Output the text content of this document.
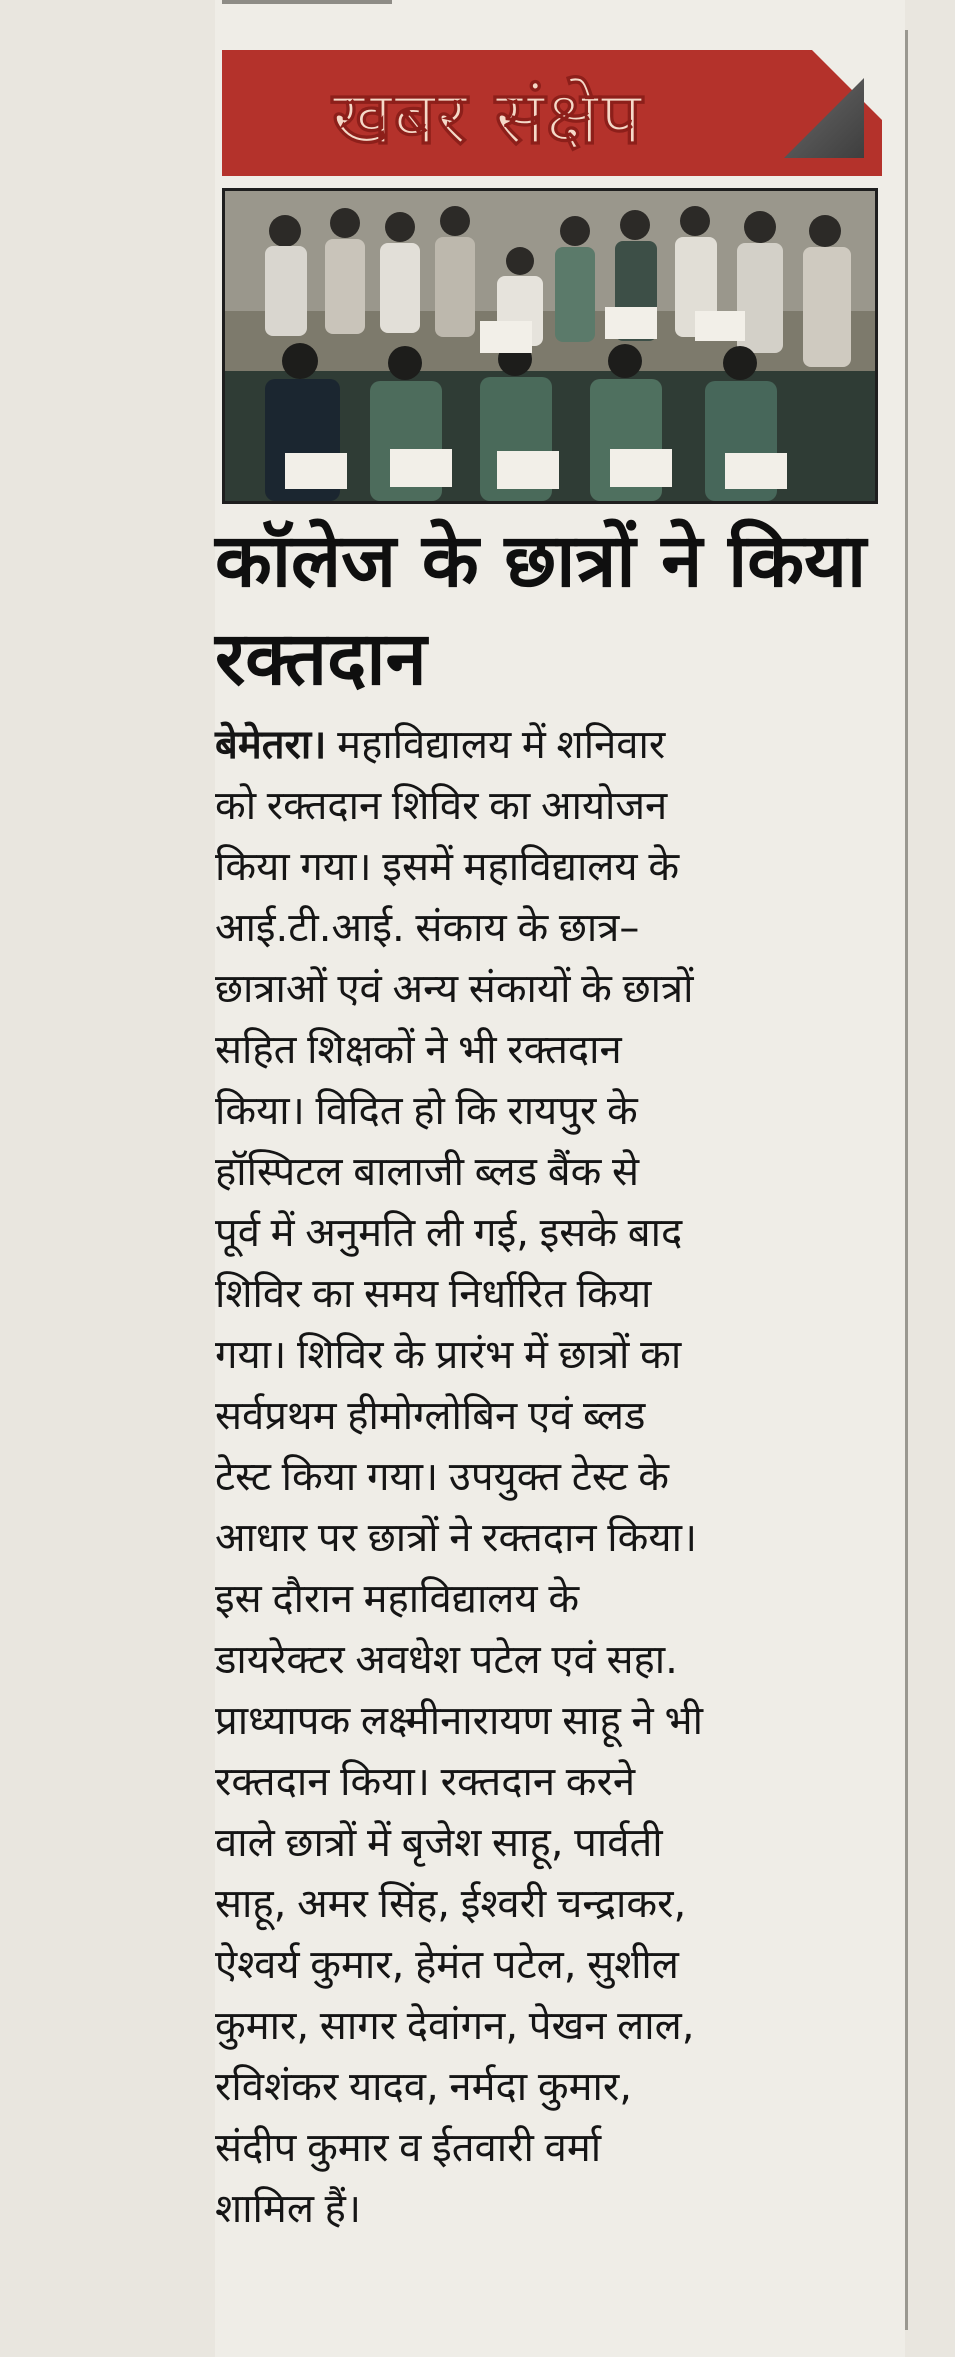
खबर संक्षेप
कॉलेज के छात्रों ने किया
रक्तदान
बेमेतरा। महाविद्यालय में शनिवार
को रक्तदान शिविर का आयोजन
किया गया। इसमें महाविद्यालय के
आई.टी.आई. संकाय के छात्र–
छात्राओं एवं अन्य संकायों के छात्रों
सहित शिक्षकों ने भी रक्तदान
किया। विदित हो कि रायपुर के
हॉस्पिटल बालाजी ब्लड बैंक से
पूर्व में अनुमति ली गई, इसके बाद
शिविर का समय निर्धारित किया
गया। शिविर के प्रारंभ में छात्रों का
सर्वप्रथम हीमोग्लोबिन एवं ब्लड
टेस्ट किया गया। उपयुक्त टेस्ट के
आधार पर छात्रों ने रक्तदान किया।
इस दौरान महाविद्यालय के
डायरेक्टर अवधेश पटेल एवं सहा.
प्राध्यापक लक्ष्मीनारायण साहू ने भी
रक्तदान किया। रक्तदान करने
वाले छात्रों में बृजेश साहू, पार्वती
साहू, अमर सिंह, ईश्वरी चन्द्राकर,
ऐश्वर्य कुमार, हेमंत पटेल, सुशील
कुमार, सागर देवांगन, पेखन लाल,
रविशंकर यादव, नर्मदा कुमार,
संदीप कुमार व ईतवारी वर्मा
शामिल हैं।
